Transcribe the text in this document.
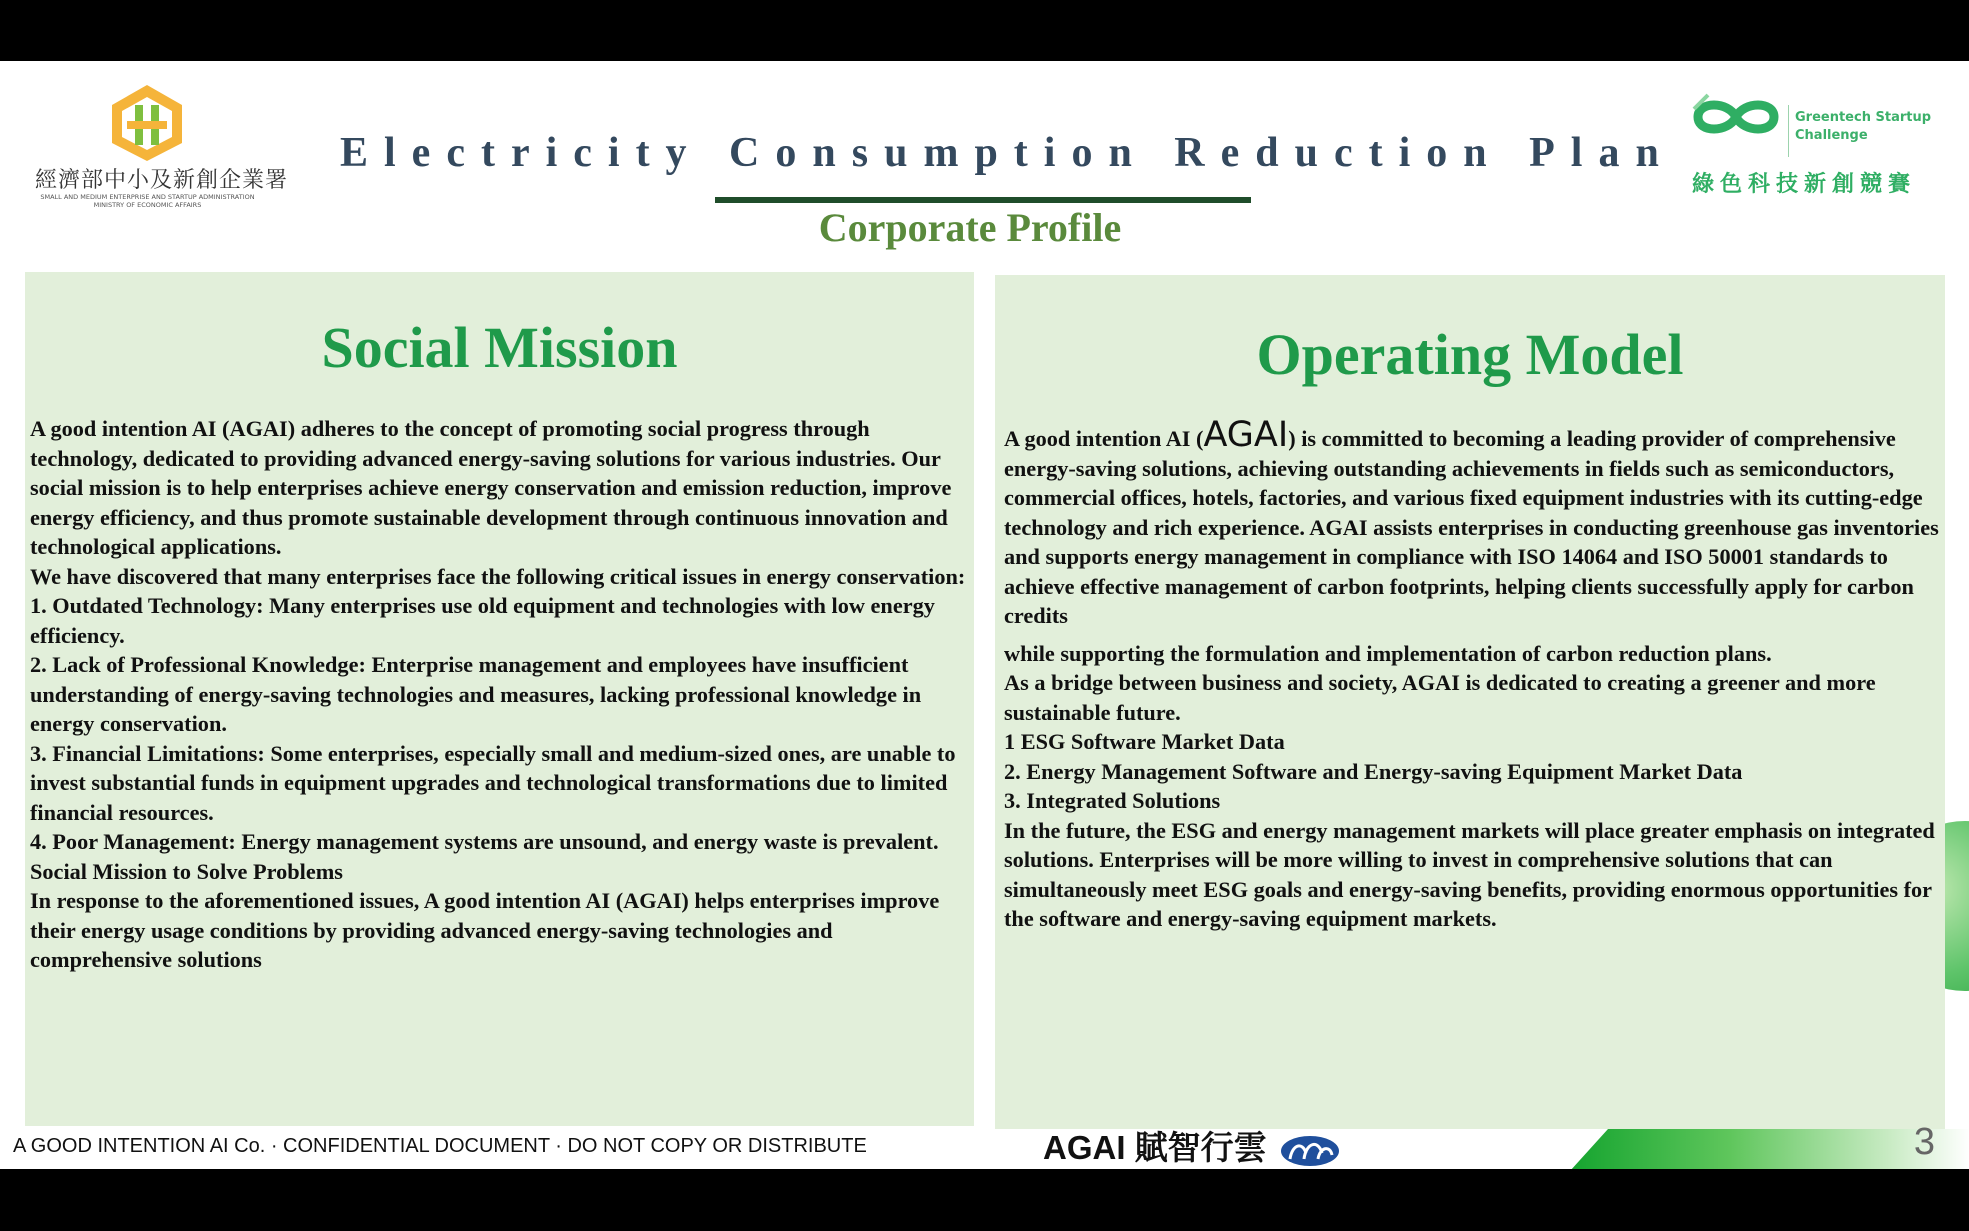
經濟部中小及新創企業署
SMALL AND MEDIUM ENTERPRISE AND STARTUP ADMINISTRATION MINISTRY OF ECONOMIC AFFAIRS
Electricity Consumption Reduction Plan
Corporate Profile
Greentech Startup
Challenge
綠色科技新創競賽
Social Mission

A good intention AI (AGAI) adheres to the concept of promoting social progress through technology, dedicated to providing advanced energy-saving solutions for various industries. Our social mission is to help enterprises achieve energy conservation and emission reduction, improve energy efficiency, and thus promote sustainable development through continuous innovation and technological applications.

We have discovered that many enterprises face the following critical issues in energy conservation:

1. Outdated Technology: Many enterprises use old equipment and technologies with low energy efficiency.

2. Lack of Professional Knowledge: Enterprise management and employees have insufficient understanding of energy-saving technologies and measures, lacking professional knowledge in energy conservation.

3. Financial Limitations: Some enterprises, especially small and medium-sized ones, are unable to invest substantial funds in equipment upgrades and technological transformations due to limited financial resources.

4. Poor Management: Energy management systems are unsound, and energy waste is prevalent.

Social Mission to Solve Problems

In response to the aforementioned issues, A good intention AI (AGAI) helps enterprises improve their energy usage conditions by providing advanced energy-saving technologies and comprehensive solutions

Operating Model

A good intention AI (AGAI) is committed to becoming a leading provider of comprehensive energy-saving solutions, achieving outstanding achievements in fields such as semiconductors, commercial offices, hotels, factories, and various fixed equipment industries with its cutting-edge technology and rich experience. AGAI assists enterprises in conducting greenhouse gas inventories and supports energy management in compliance with ISO 14064 and ISO 50001 standards to achieve effective management of carbon footprints, helping clients successfully apply for carbon credits

while supporting the formulation and implementation of carbon reduction plans.

As a bridge between business and society, AGAI is dedicated to creating a greener and more sustainable future.

1 ESG Software Market Data

2. Energy Management Software and Energy-saving Equipment Market Data

3. Integrated Solutions

In the future, the ESG and energy management markets will place greater emphasis on integrated solutions. Enterprises will be more willing to invest in comprehensive solutions that can simultaneously meet ESG goals and energy-saving benefits, providing enormous opportunities for the software and energy-saving equipment markets.

A GOOD INTENTION AI Co. · CONFIDENTIAL DOCUMENT · DO NOT COPY OR DISTRIBUTE	AGAI 賦智行雲	3
